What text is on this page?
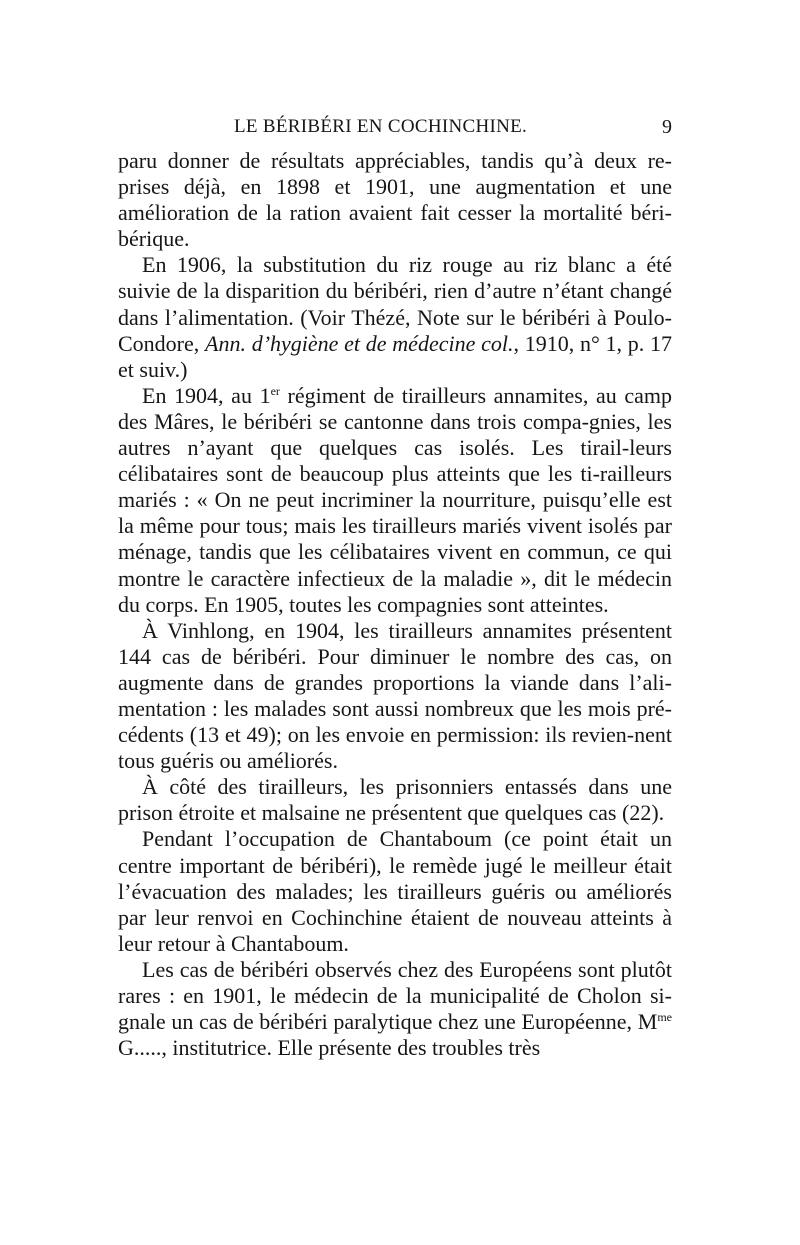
LE BÉRIBÉRI EN COCHINCHINE.	9

paru donner de résultats appréciables, tandis qu’à deux re-prises déjà, en 1898 et 1901, une augmentation et une amélioration de la ration avaient fait cesser la mortalité béri-bérique.

En 1906, la substitution du riz rouge au riz blanc a été suivie de la disparition du béribéri, rien d’autre n’étant changé dans l’alimentation. (Voir Thézé, Note sur le béribéri à Poulo-Condore, Ann. d’hygiène et de médecine col., 1910, n° 1, p. 17 et suiv.)

En 1904, au 1er régiment de tirailleurs annamites, au camp des Mâres, le béribéri se cantonne dans trois compa-gnies, les autres n’ayant que quelques cas isolés. Les tirail-leurs célibataires sont de beaucoup plus atteints que les ti-railleurs mariés : « On ne peut incriminer la nourriture, puisqu’elle est la même pour tous; mais les tirailleurs mariés vivent isolés par ménage, tandis que les célibataires vivent en commun, ce qui montre le caractère infectieux de la maladie », dit le médecin du corps. En 1905, toutes les compagnies sont atteintes.

À Vinhlong, en 1904, les tirailleurs annamites présentent 144 cas de béribéri. Pour diminuer le nombre des cas, on augmente dans de grandes proportions la viande dans l’ali-mentation : les malades sont aussi nombreux que les mois pré-cédents (13 et 49); on les envoie en permission: ils revien-nent tous guéris ou améliorés.

À côté des tirailleurs, les prisonniers entassés dans une prison étroite et malsaine ne présentent que quelques cas (22).

Pendant l’occupation de Chantaboum (ce point était un centre important de béribéri), le remède jugé le meilleur était l’évacuation des malades; les tirailleurs guéris ou améliorés par leur renvoi en Cochinchine étaient de nouveau atteints à leur retour à Chantaboum.

Les cas de béribéri observés chez des Européens sont plutôt rares : en 1901, le médecin de la municipalité de Cholon si-gnale un cas de béribéri paralytique chez une Européenne, $M^{me}$ G....., institutrice. Elle présente des troubles très
